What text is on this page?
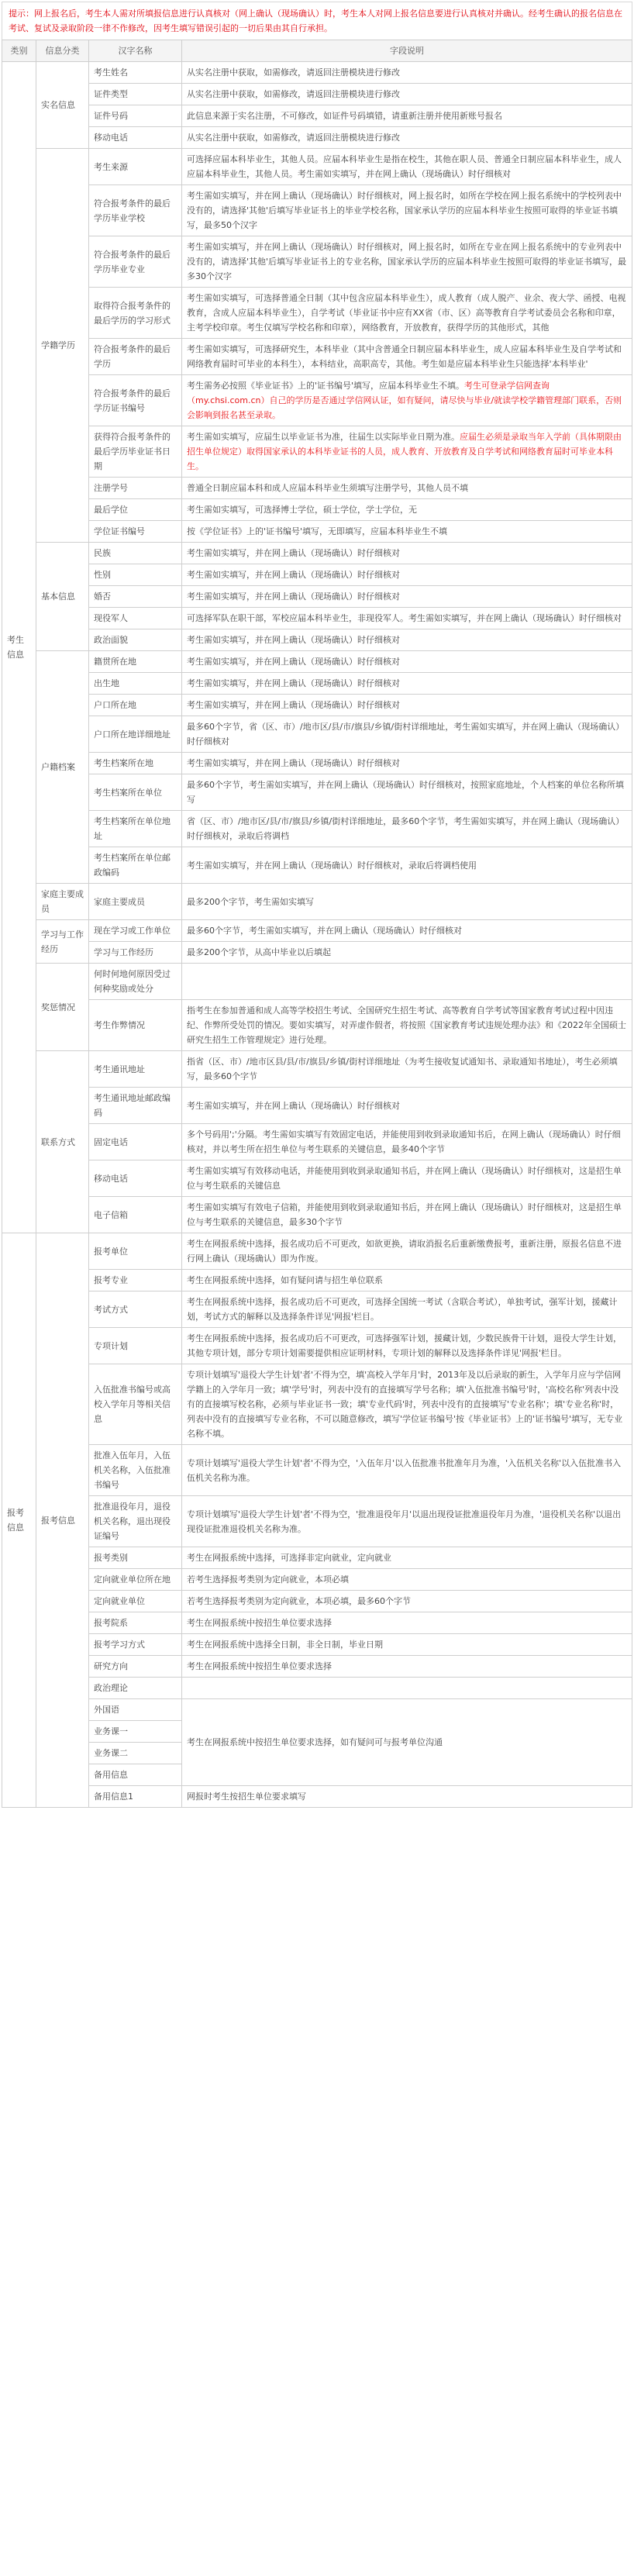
提示：网上报名后，考生本人需对所填报信息进行认真核对（网上确认（现场确认）时，考生本人对网上报名信息要进行认真核对并确认。经考生确认的报名信息在考试、复试及录取阶段一律不作修改，因考生填写错误引起的一切后果由其自行承担。
类别	信息分类	汉字名称	字段说明
考生信息	实名信息	考生姓名	从实名注册中获取，如需修改，请返回注册模块进行修改
		证件类型	从实名注册中获取，如需修改，请返回注册模块进行修改
		证件号码	此信息来源于实名注册，不可修改，如证件号码填错，请重新注册并使用新账号报名
		移动电话	从实名注册中获取，如需修改，请返回注册模块进行修改
	学籍学历	考生来源	可选择应届本科毕业生，其他人员。应届本科毕业生是指在校生，其他在职人员、普通全日制应届本科毕业生，成人应届本科毕业生，其他人员。考生需如实填写，并在网上确认（现场确认）时仔细核对
		符合报考条件的最后学历毕业学校	考生需如实填写，并在网上确认（现场确认）时仔细核对，网上报名时，如所在学校在网上报名系统中的学校列表中没有的，请选择'其他'后填写毕业证书上的毕业学校名称，国家承认学历的应届本科毕业生按照可取得的毕业证书填写，最多50个汉字
		符合报考条件的最后学历毕业专业	考生需如实填写，并在网上确认（现场确认）时仔细核对，网上报名时，如所在专业在网上报名系统中的专业列表中没有的，请选择'其他'后填写毕业证书上的专业名称，国家承认学历的应届本科毕业生按照可取得的毕业证书填写，最多30个汉字
		取得符合报考条件的最后学历的学习形式	考生需如实填写，可选择普通全日制（其中包含应届本科毕业生），成人教育（成人脱产、业余、夜大学、函授、电视教育，含成人应届本科毕业生），自学考试（毕业证书中应有XX省（市、区）高等教育自学考试委员会名称和印章，主考学校印章。考生仅填写学校名称和印章），网络教育，开放教育，获得学历的其他形式，其他
		符合报考条件的最后学历	考生需如实填写，可选择研究生，本科毕业（其中含普通全日制应届本科毕业生，成人应届本科毕业生及自学考试和网络教育届时可毕业的本科生），本科结业，高职高专，其他。考生如是应届本科毕业生只能选择'本科毕业'
		符合报考条件的最后学历证书编号	考生需务必按照《毕业证书》上的'证书编号'填写，应届本科毕业生不填。考生可登录学信网查询（my.chsi.com.cn）自己的学历是否通过学信网认证，如有疑问，请尽快与毕业/就读学校学籍管理部门联系，否则会影响到报名甚至录取。
		获得符合报考条件的最后学历毕业证书日期	考生需如实填写，应届生以毕业证书为准，往届生以实际毕业日期为准。应届生必须是录取当年入学前（具体期限由招生单位规定）取得国家承认的本科毕业证书的人员，成人教育、开放教育及自学考试和网络教育届时可毕业本科生。
		注册学号	普通全日制应届本科和成人应届本科毕业生须填写注册学号，其他人员不填
		最后学位	考生需如实填写，可选择博士学位，硕士学位，学士学位，无
		学位证书编号	按《学位证书》上的'证书编号'填写，无即填写，应届本科毕业生不填
	基本信息	民族	考生需如实填写，并在网上确认（现场确认）时仔细核对
		性别	考生需如实填写，并在网上确认（现场确认）时仔细核对
		婚否	考生需如实填写，并在网上确认（现场确认）时仔细核对
		现役军人	可选择军队在职干部，军校应届本科毕业生，非现役军人。考生需如实填写，并在网上确认（现场确认）时仔细核对
		政治面貌	考生需如实填写，并在网上确认（现场确认）时仔细核对
	户籍档案	籍贯所在地	考生需如实填写，并在网上确认（现场确认）时仔细核对
		出生地	考生需如实填写，并在网上确认（现场确认）时仔细核对
		户口所在地	考生需如实填写，并在网上确认（现场确认）时仔细核对
		户口所在地详细地址	最多60个字节，省（区、市）/地市区/县/市/旗县/乡镇/街村详细地址，考生需如实填写，并在网上确认（现场确认）时仔细核对
		考生档案所在地	考生需如实填写，并在网上确认（现场确认）时仔细核对
		考生档案所在单位	最多60个字节，考生需如实填写，并在网上确认（现场确认）时仔细核对，按照家庭地址，个人档案的单位名称所填写
		考生档案所在单位地址	省（区、市）/地市区/县/市/旗县/乡镇/街村详细地址，最多60个字节，考生需如实填写，并在网上确认（现场确认）时仔细核对，录取后将调档
		考生档案所在单位邮政编码	考生需如实填写，并在网上确认（现场确认）时仔细核对，录取后将调档使用
	家庭主要成员	家庭主要成员	最多200个字节，考生需如实填写
	学习与工作经历	现在学习或工作单位	最多60个字节，考生需如实填写，并在网上确认（现场确认）时仔细核对
		学习与工作经历	最多200个字节，从高中毕业以后填起
	奖惩情况	何时何地何原因受过何种奖励或处分	
		考生作弊情况	指考生在参加普通和成人高等学校招生考试、全国研究生招生考试、高等教育自学考试等国家教育考试过程中因违纪、作弊所受处罚的情况。要如实填写，对弄虚作假者，将按照《国家教育考试违规处理办法》和《2022年全国硕士研究生招生工作管理规定》进行处理。
	联系方式	考生通讯地址	指省（区、市）/地市区县/县/市/旗县/乡镇/街村详细地址（为考生接收复试通知书、录取通知书地址），考生必须填写，最多60个字节
		考生通讯地址邮政编码	考生需如实填写，并在网上确认（现场确认）时仔细核对
		固定电话	多个号码用';'分隔。考生需如实填写有效固定电话，并能使用到收到录取通知书后，在网上确认（现场确认）时仔细核对，并以考生所在招生单位与考生联系的关键信息，最多40个字节
		移动电话	考生需如实填写有效移动电话，并能使用到收到录取通知书后，并在网上确认（现场确认）时仔细核对，这是招生单位与考生联系的关键信息
		电子信箱	考生需如实填写有效电子信箱，并能使用到收到录取通知书后，并在网上确认（现场确认）时仔细核对，这是招生单位与考生联系的关键信息，最多30个字节
报考信息	报考信息	报考单位	考生在网报系统中选择，报名成功后不可更改，如欲更换，请取消报名后重新缴费报考，重新注册，原报名信息不进行网上确认（现场确认）即为作废。
		报考专业	考生在网报系统中选择，如有疑问请与招生单位联系
		考试方式	考生在网报系统中选择，报名成功后不可更改，可选择全国统一考试（含联合考试），单独考试，强军计划，援藏计划，考试方式的解释以及选择条件详见'网报'栏目。
		专项计划	考生在网报系统中选择，报名成功后不可更改，可选择强军计划，援藏计划，少数民族骨干计划，退役大学生计划，其他专项计划，部分专项计划需要提供相应证明材料，专项计划的解释以及选择条件详见'网报'栏目。
		入伍批准书编号或高校入学年月等相关信息	专项计划填写'退役大学生计划'者'不得为空，填'高校入学年月'时，2013年及以后录取的新生，入学年月应与学信网学籍上的入学年月一致；填'学号'时，列表中没有的直接填写学号名称；填'入伍批准书编号'时，'高校名称'列表中没有的直接填写校名称，必须与毕业证书一致；填'专业代码'时，列表中没有的直接填写'专业名称'；填'专业名称'时，列表中没有的直接填写专业名称，不可以随意修改，填写'学位证书编号'按《毕业证书》上的'证书编号'填写，无专业名称不填。
		批准入伍年月，入伍机关名称，入伍批准书编号	专项计划填写'退役大学生计划'者'不得为空，'入伍年月'以入伍批准书批准年月为准，'入伍机关名称'以入伍批准书入伍机关名称为准。
		批准退役年月，退役机关名称，退出现役证编号	专项计划填写'退役大学生计划'者'不得为空，'批准退役年月'以退出现役证批准退役年月为准，'退役机关名称'以退出现役证批准退役机关名称为准。
		报考类别	考生在网报系统中选择，可选择非定向就业，定向就业
		定向就业单位所在地	若考生选择报考类别为定向就业，本项必填
		定向就业单位	若考生选择报考类别为定向就业，本项必填，最多60个字节
		报考院系	考生在网报系统中按招生单位要求选择
		报考学习方式	考生在网报系统中选择全日制，非全日制，毕业日期
		研究方向	考生在网报系统中按招生单位要求选择
		政治理论	
		外国语	考生在网报系统中按招生单位要求选择，如有疑问可与报考单位沟通
		业务课一	
		业务课二	
		备用信息	
		备用信息1	网报时考生按招生单位要求填写
